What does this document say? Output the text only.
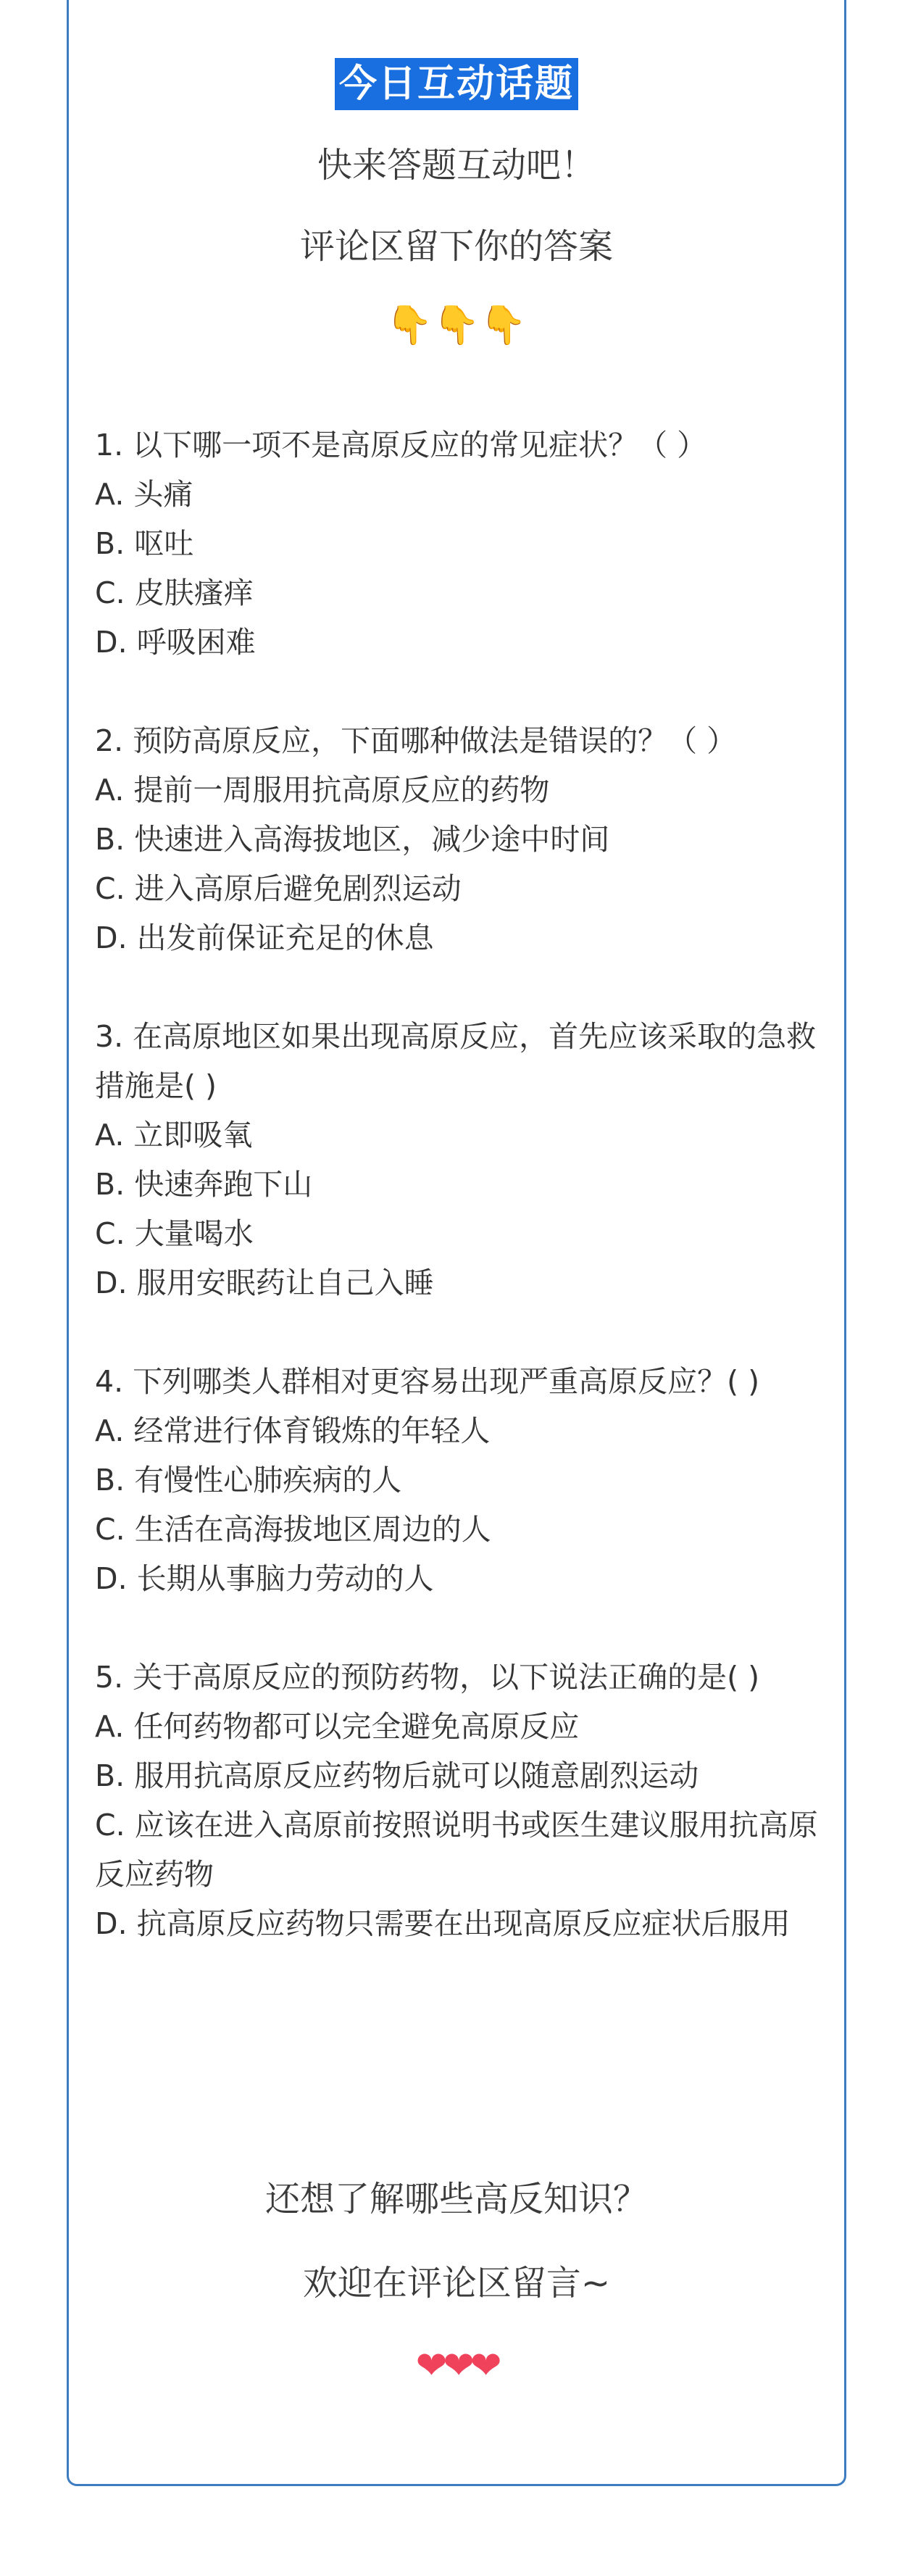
今日互动话题
快来答题互动吧！
评论区留下你的答案
👇👇👇

1. 以下哪一项不是高原反应的常见症状？（ ）

A. 头痛

B. 呕吐

C. 皮肤瘙痒

D. 呼吸困难

2. 预防高原反应，下面哪种做法是错误的？（ ）

A. 提前一周服用抗高原反应的药物

B. 快速进入高海拔地区，减少途中时间

C. 进入高原后避免剧烈运动

D. 出发前保证充足的休息

3. 在高原地区如果出现高原反应，首先应该采取的急救措施是( )

A. 立即吸氧

B. 快速奔跑下山

C. 大量喝水

D. 服用安眠药让自己入睡

4. 下列哪类人群相对更容易出现严重高原反应？( )

A. 经常进行体育锻炼的年轻人

B. 有慢性心肺疾病的人

C. 生活在高海拔地区周边的人

D. 长期从事脑力劳动的人

5. 关于高原反应的预防药物，以下说法正确的是( )

A. 任何药物都可以完全避免高原反应

B. 服用抗高原反应药物后就可以随意剧烈运动

C. 应该在进入高原前按照说明书或医生建议服用抗高原反应药物

D. 抗高原反应药物只需要在出现高原反应症状后服用

还想了解哪些高反知识？
欢迎在评论区留言~
❤❤❤
